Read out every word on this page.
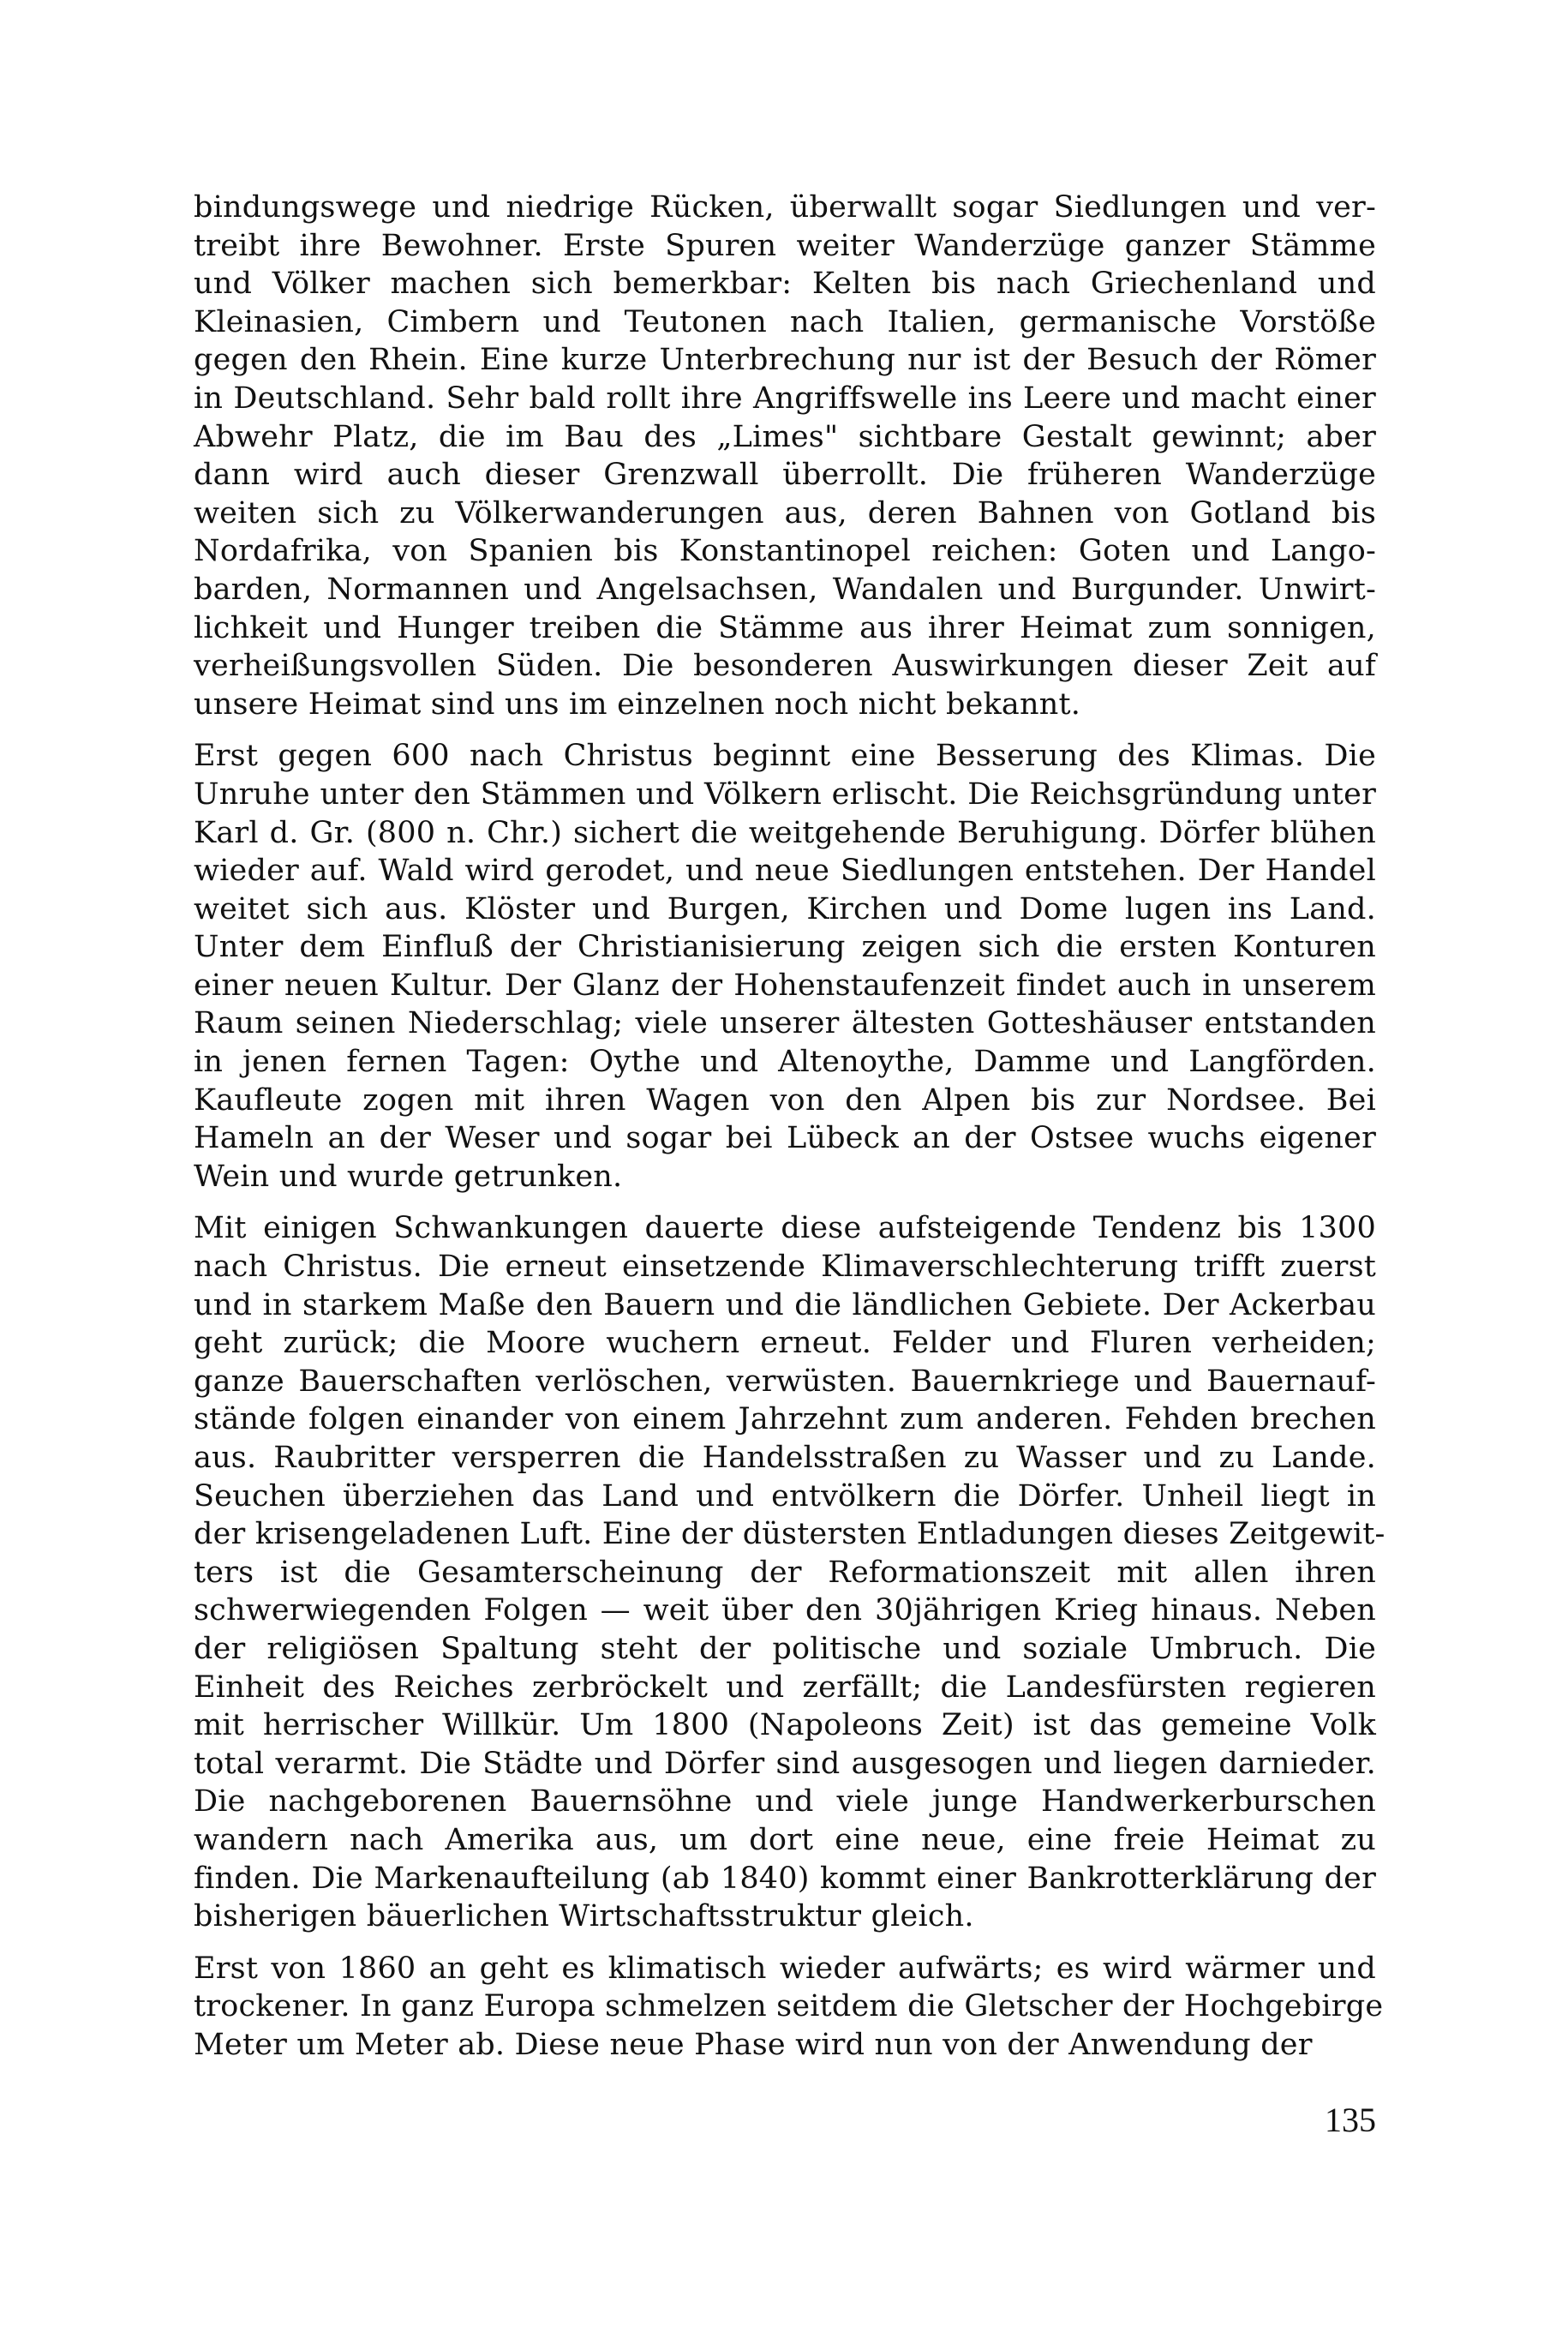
bindungswege und niedrige Rücken, überwallt sogar Siedlungen und ver-
treibt ihre Bewohner. Erste Spuren weiter Wanderzüge ganzer Stämme
und Völker machen sich bemerkbar: Kelten bis nach Griechenland und
Kleinasien, Cimbern und Teutonen nach Italien, germanische Vorstöße
gegen den Rhein. Eine kurze Unterbrechung nur ist der Besuch der Römer
in Deutschland. Sehr bald rollt ihre Angriffswelle ins Leere und macht einer
Abwehr Platz, die im Bau des „Limes" sichtbare Gestalt gewinnt; aber
dann wird auch dieser Grenzwall überrollt. Die früheren Wanderzüge
weiten sich zu Völkerwanderungen aus, deren Bahnen von Gotland bis
Nordafrika, von Spanien bis Konstantinopel reichen: Goten und Lango-
barden, Normannen und Angelsachsen, Wandalen und Burgunder. Unwirt-
lichkeit und Hunger treiben die Stämme aus ihrer Heimat zum sonnigen,
verheißungsvollen Süden. Die besonderen Auswirkungen dieser Zeit auf
unsere Heimat sind uns im einzelnen noch nicht bekannt.
Erst gegen 600 nach Christus beginnt eine Besserung des Klimas. Die
Unruhe unter den Stämmen und Völkern erlischt. Die Reichsgründung unter
Karl d. Gr. (800 n. Chr.) sichert die weitgehende Beruhigung. Dörfer blühen
wieder auf. Wald wird gerodet, und neue Siedlungen entstehen. Der Handel
weitet sich aus. Klöster und Burgen, Kirchen und Dome lugen ins Land.
Unter dem Einfluß der Christianisierung zeigen sich die ersten Konturen
einer neuen Kultur. Der Glanz der Hohenstaufenzeit findet auch in unserem
Raum seinen Niederschlag; viele unserer ältesten Gotteshäuser entstanden
in jenen fernen Tagen: Oythe und Altenoythe, Damme und Langförden.
Kaufleute zogen mit ihren Wagen von den Alpen bis zur Nordsee. Bei
Hameln an der Weser und sogar bei Lübeck an der Ostsee wuchs eigener
Wein und wurde getrunken.
Mit einigen Schwankungen dauerte diese aufsteigende Tendenz bis 1300
nach Christus. Die erneut einsetzende Klimaverschlechterung trifft zuerst
und in starkem Maße den Bauern und die ländlichen Gebiete. Der Ackerbau
geht zurück; die Moore wuchern erneut. Felder und Fluren verheiden;
ganze Bauerschaften verlöschen, verwüsten. Bauernkriege und Bauernauf-
stände folgen einander von einem Jahrzehnt zum anderen. Fehden brechen
aus. Raubritter versperren die Handelsstraßen zu Wasser und zu Lande.
Seuchen überziehen das Land und entvölkern die Dörfer. Unheil liegt in
der krisengeladenen Luft. Eine der düstersten Entladungen dieses Zeitgewit-
ters ist die Gesamterscheinung der Reformationszeit mit allen ihren
schwerwiegenden Folgen — weit über den 30jährigen Krieg hinaus. Neben
der religiösen Spaltung steht der politische und soziale Umbruch. Die
Einheit des Reiches zerbröckelt und zerfällt; die Landesfürsten regieren
mit herrischer Willkür. Um 1800 (Napoleons Zeit) ist das gemeine Volk
total verarmt. Die Städte und Dörfer sind ausgesogen und liegen darnieder.
Die nachgeborenen Bauernsöhne und viele junge Handwerkerburschen
wandern nach Amerika aus, um dort eine neue, eine freie Heimat zu
finden. Die Markenaufteilung (ab 1840) kommt einer Bankrotterklärung der
bisherigen bäuerlichen Wirtschaftsstruktur gleich.
Erst von 1860 an geht es klimatisch wieder aufwärts; es wird wärmer und
trockener. In ganz Europa schmelzen seitdem die Gletscher der Hochgebirge
Meter um Meter ab. Diese neue Phase wird nun von der Anwendung der
135
